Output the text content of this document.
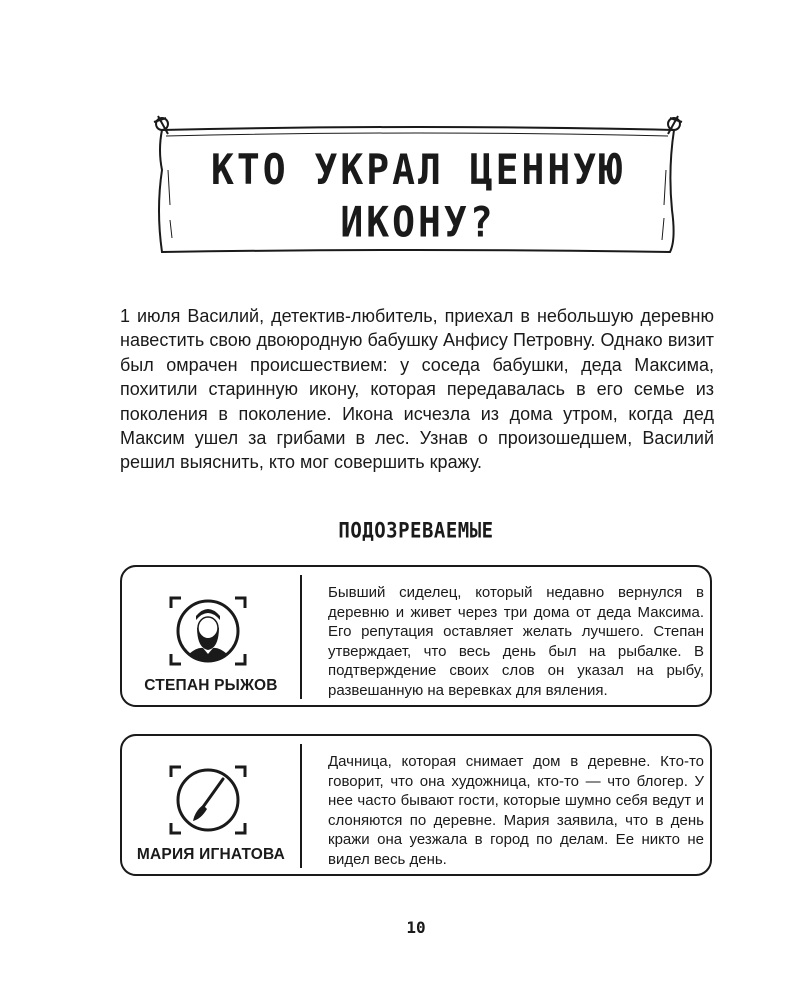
КТО УКРАЛ ЦЕННУЮ
ИКОНУ?
1 июля Василий, детектив-любитель, приехал в небольшую деревню навестить свою двоюродную бабушку Анфису Петровну. Однако визит был омрачен происшествием: у соседа бабушки, деда Максима, похитили старинную икону, которая передавалась в его семье из поколения в поколение. Икона исчезла из дома утром, когда дед Максим ушел за грибами в лес. Узнав о произошедшем, Василий решил выяснить, кто мог совершить кражу.
ПОДОЗРЕВАЕМЫЕ
СТЕПАН РЫЖОВ
Бывший сиделец, который недавно вернулся в деревню и живет через три дома от деда Максима. Его репутация оставляет желать лучшего. Степан утверждает, что весь день был на рыбалке. В подтверждение своих слов он указал на рыбу, развешанную на веревках для вяления.
МАРИЯ ИГНАТОВА
Дачница, которая снимает дом в деревне. Кто-то говорит, что она художница, кто-то — что блогер. У нее часто бывают гости, которые шумно себя ведут и слоняются по деревне. Мария заявила, что в день кражи она уезжала в город по делам. Ее никто не видел весь день.
10
